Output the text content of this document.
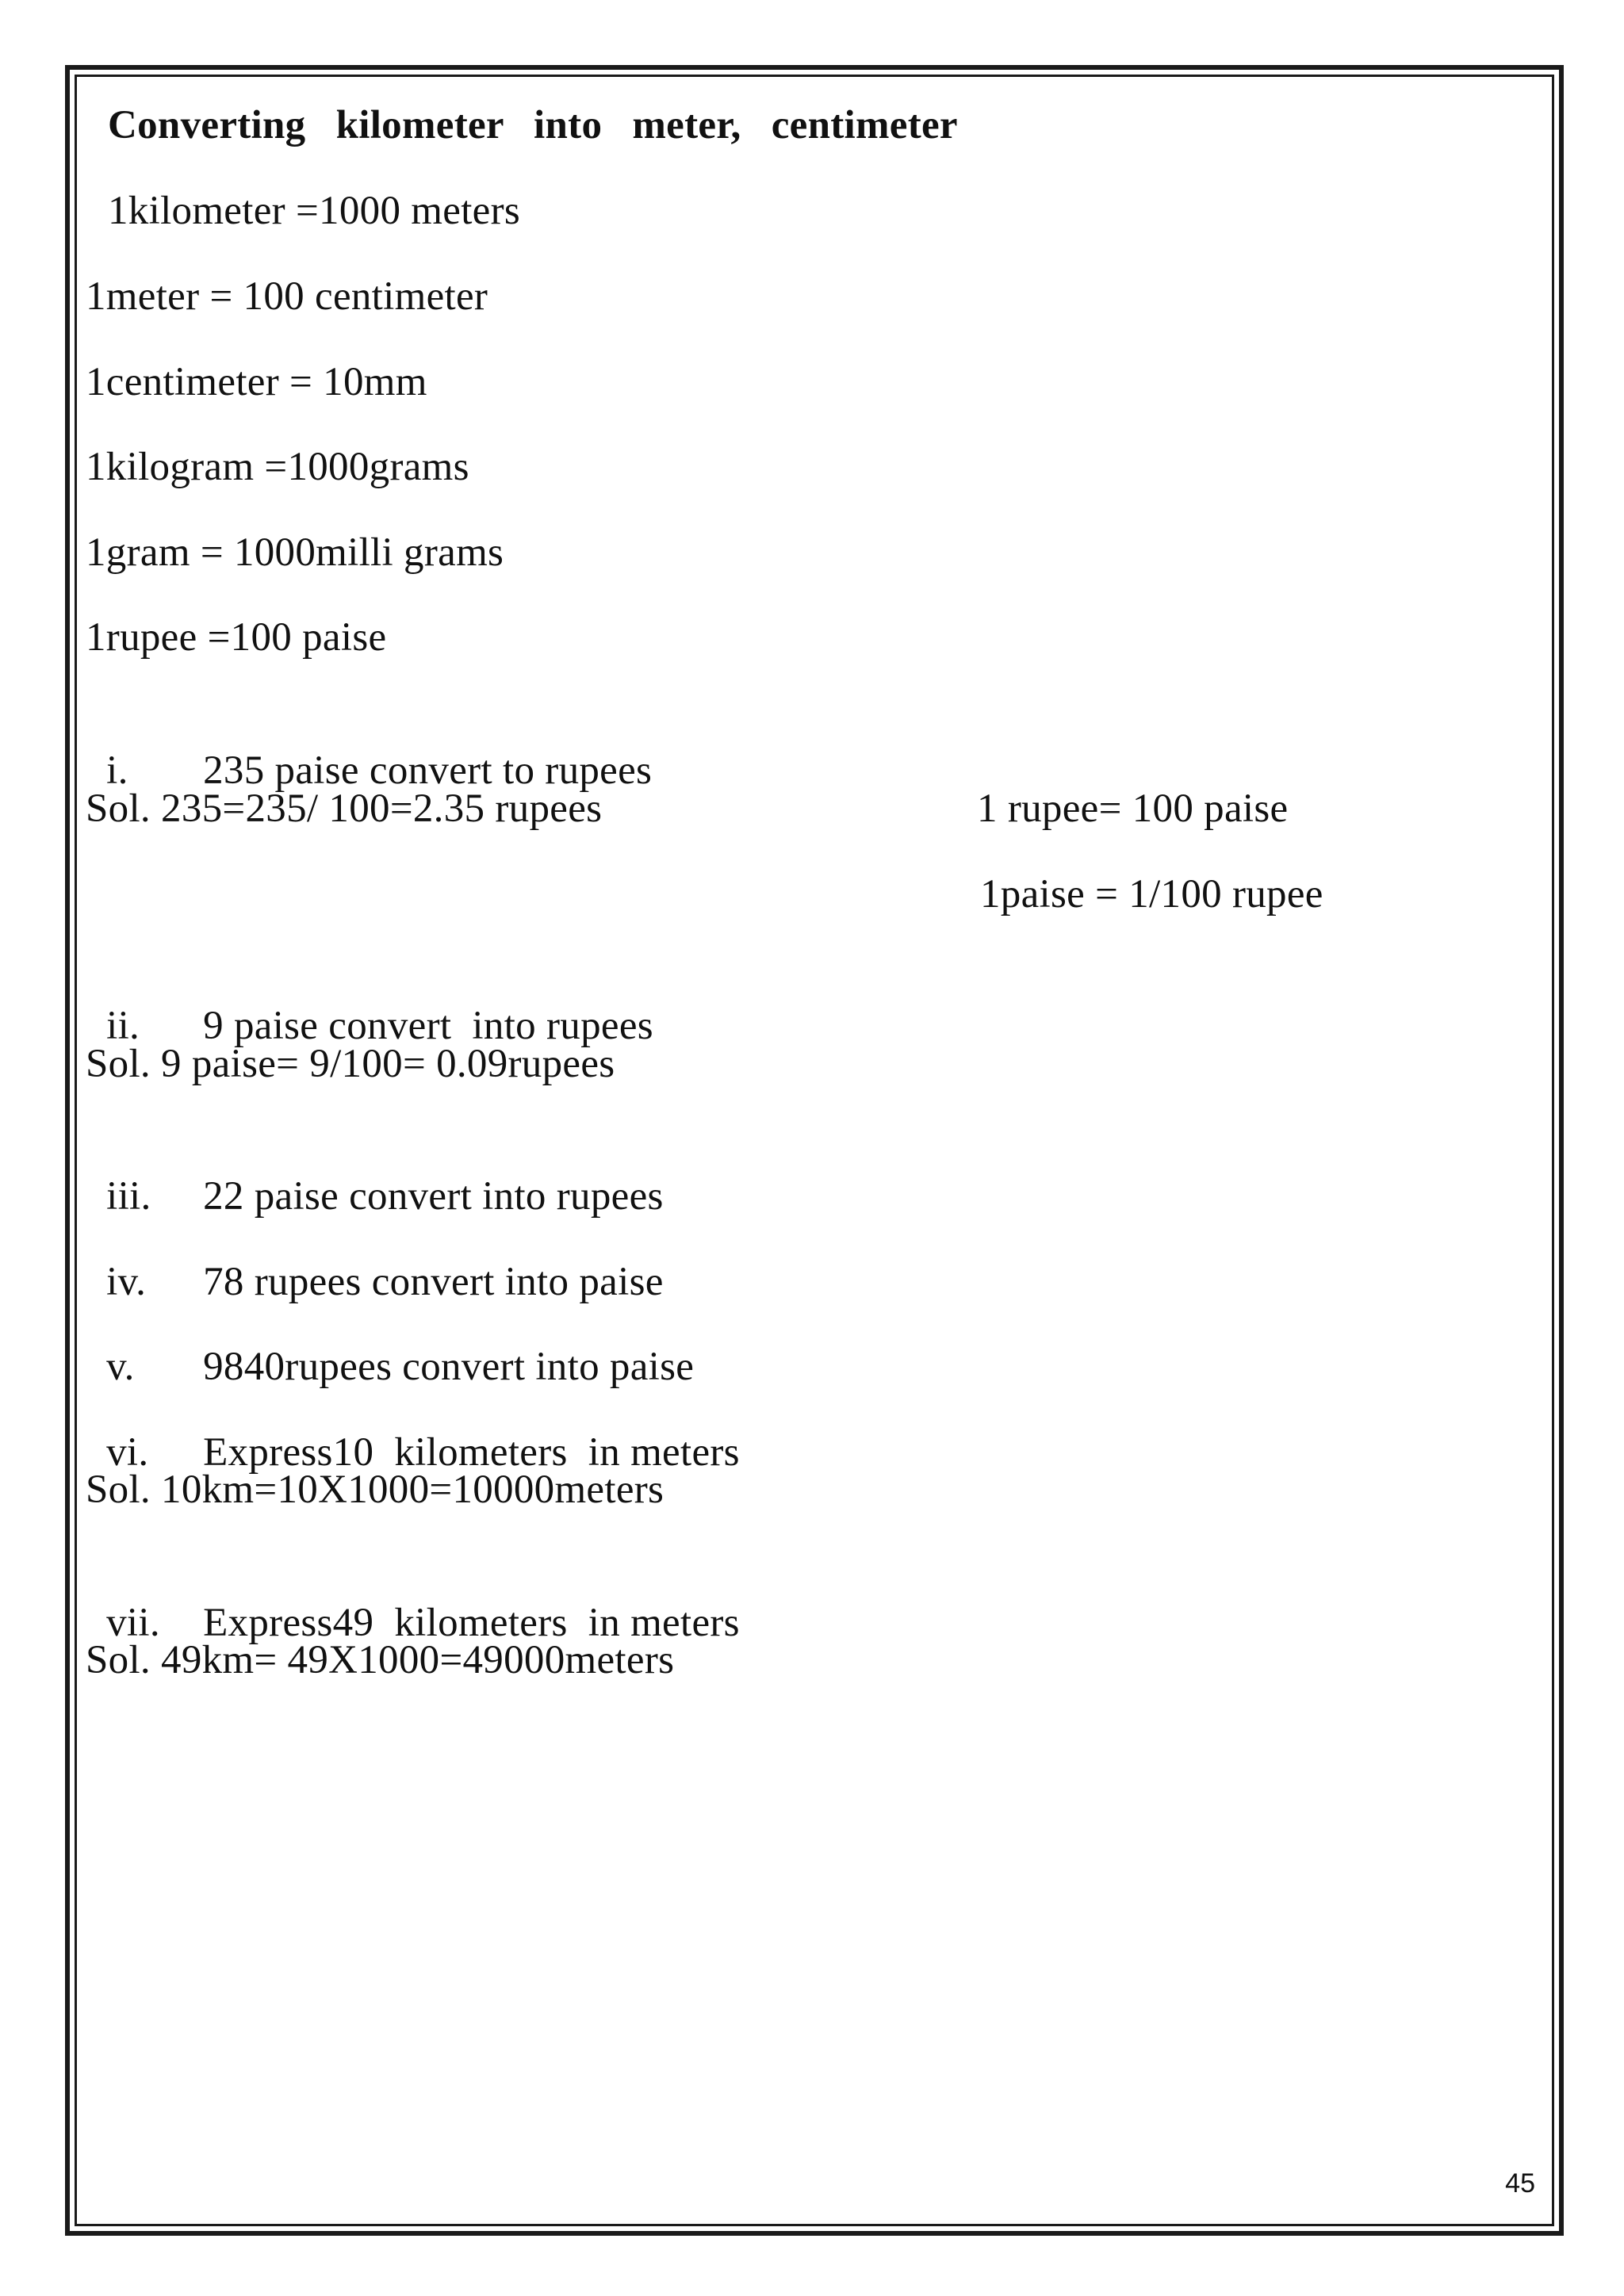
Converting  kilometer  into  meter,  centimeter
1kilometer =1000 meters
1meter = 100 centimeter
1centimeter = 10mm
1kilogram =1000grams
1gram = 1000milli grams
1rupee =100 paise

i. 235 paise convert to rupees

Sol. 235=235/ 100=2.35 rupees	1 rupee= 100 paise
1paise = 1/100 rupee

ii. 9 paise convert  into rupees

Sol. 9 paise= 9/100= 0.09rupees

iii. 22 paise convert into rupees

iv. 78 rupees convert into paise

v. 9840rupees convert into paise

vi. Express10  kilometers  in meters

Sol. 10km=10X1000=10000meters

vii. Express49  kilometers  in meters

Sol. 49km= 49X1000=49000meters
45
